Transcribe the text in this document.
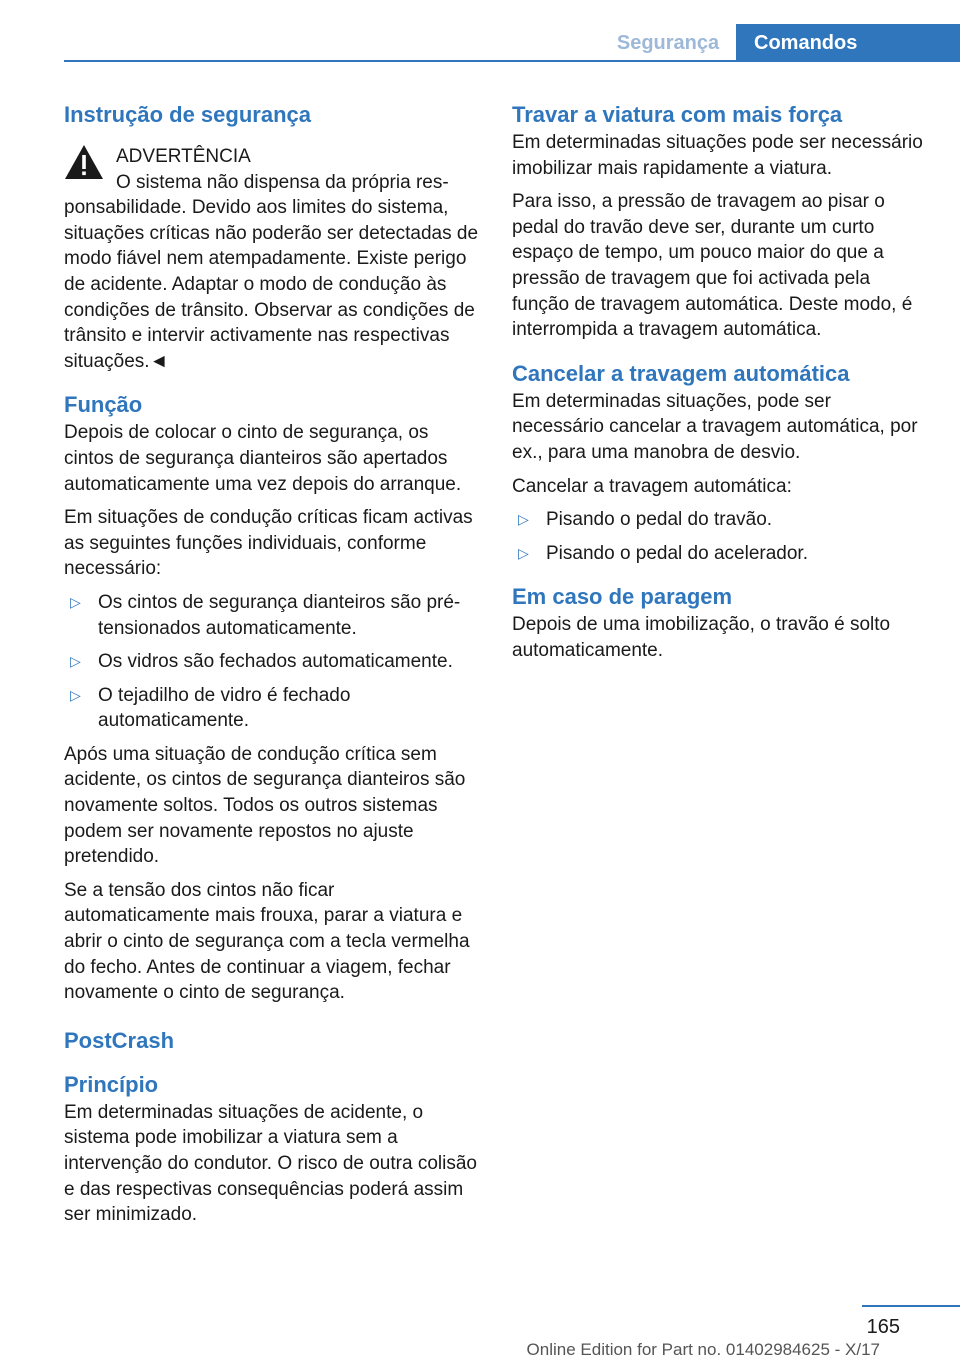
Segurança	Comandos
Instrução de segurança
ADVERTÊNCIA
O sistema não dispensa da própria res-

ponsabilidade. Devido aos limites do sistema, situações críticas não poderão ser detectadas de modo fiável nem atempadamente. Existe perigo de acidente. Adaptar o modo de condução às condições de trânsito. Observar as condições de trânsito e intervir activamente nas respectivas situações.◄

Função

Depois de colocar o cinto de segurança, os cintos de segurança dianteiros são apertados automaticamente uma vez depois do arranque.

Em situações de condução críticas ficam activas as seguintes funções individuais, conforme necessário:

▷ Os cintos de segurança dianteiros são pré-tensionados automaticamente.
▷ Os vidros são fechados automaticamente.
▷ O tejadilho de vidro é fechado automaticamente.

Após uma situação de condução crítica sem acidente, os cintos de segurança dianteiros são novamente soltos. Todos os outros sistemas podem ser novamente repostos no ajuste pretendido.

Se a tensão dos cintos não ficar automaticamente mais frouxa, parar a viatura e abrir o cinto de segurança com a tecla vermelha do fecho. Antes de continuar a viagem, fechar novamente o cinto de segurança.

PostCrash
Princípio

Em determinadas situações de acidente, o sistema pode imobilizar a viatura sem a intervenção do condutor. O risco de outra colisão e das respectivas consequências poderá assim ser minimizado.

Travar a viatura com mais força

Em determinadas situações pode ser necessário imobilizar mais rapidamente a viatura.

Para isso, a pressão de travagem ao pisar o pedal do travão deve ser, durante um curto espaço de tempo, um pouco maior do que a pressão de travagem que foi activada pela função de travagem automática. Deste modo, é interrompida a travagem automática.

Cancelar a travagem automática

Em determinadas situações, pode ser necessário cancelar a travagem automática, por ex., para uma manobra de desvio.

Cancelar a travagem automática:

▷ Pisando o pedal do travão.
▷ Pisando o pedal do acelerador.
Em caso de paragem

Depois de uma imobilização, o travão é solto automaticamente.

165
Online Edition for Part no. 01402984625 - X/17
